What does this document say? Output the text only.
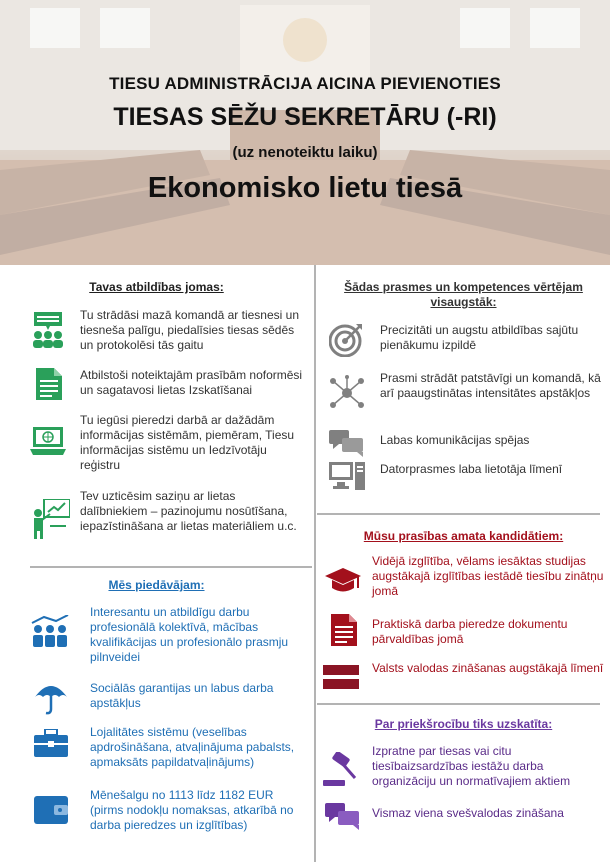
TIESU ADMINISTRĀCIJA AICINA PIEVIENOTIES
TIESAS SĒŽU SEKRETĀRU (-RI)
(uz nenoteiktu laiku)
Ekonomisko lietu tiesā
Tavas atbildības jomas:
Tu strādāsi mazā komandā ar tiesnesi un tiesneša palīgu, piedalīsies tiesas sēdēs un protokolēsi tās gaitu
Atbilstoši noteiktajām prasībām noformēsi un sagatavosi lietas Izskatīšanai
Tu iegūsi pieredzi darbā ar dažādām informācijas sistēmām, piemēram, Tiesu informācijas sistēmu un Iedzīvotāju reģistru
Tev uzticēsim saziņu ar lietas dalībniekiem – pazinojumu nosūtīšana, iepazīstināšana ar lietas materiāliem u.c.
Mēs piedāvājam:
Interesantu un atbildīgu darbu profesionālā kolektīvā, mācības kvalifikācijas un profesionālo prasmju pilnveidei
Sociālās garantijas un labus darba apstākļus
Lojalitātes sistēmu (veselības apdrošināšana, atvaļinājuma pabalsts, apmaksāts papildatvaļinājums)
Mēnešalgu no 1113 līdz 1182 EUR (pirms nodokļu nomaksas, atkarībā no darba pieredzes un izglītības)
Šādas prasmes un kompetences vērtējam visaugstāk:
Precizitāti un augstu atbildības sajūtu pienākumu izpildē
Prasmi strādāt patstāvīgi un komandā, kā arī paaugstinātas intensitātes apstākļos
Labas komunikācijas spējas
Datorprasmes laba lietotāja līmenī
Mūsu prasības amata kandidātiem:
Vidējā izglītība, vēlams iesāktas studijas augstākajā izglītības iestādē tiesību zinātņu jomā
Praktiskā darba pieredze dokumentu pārvaldības jomā
Valsts valodas zināšanas augstākajā līmenī
Par priekšrocību tiks uzskatīta:
Izpratne par tiesas vai citu tiesībaizsardzības iestāžu darba organizāciju un normatīvajiem aktiem
Vismaz viena svešvalodas zināšana
